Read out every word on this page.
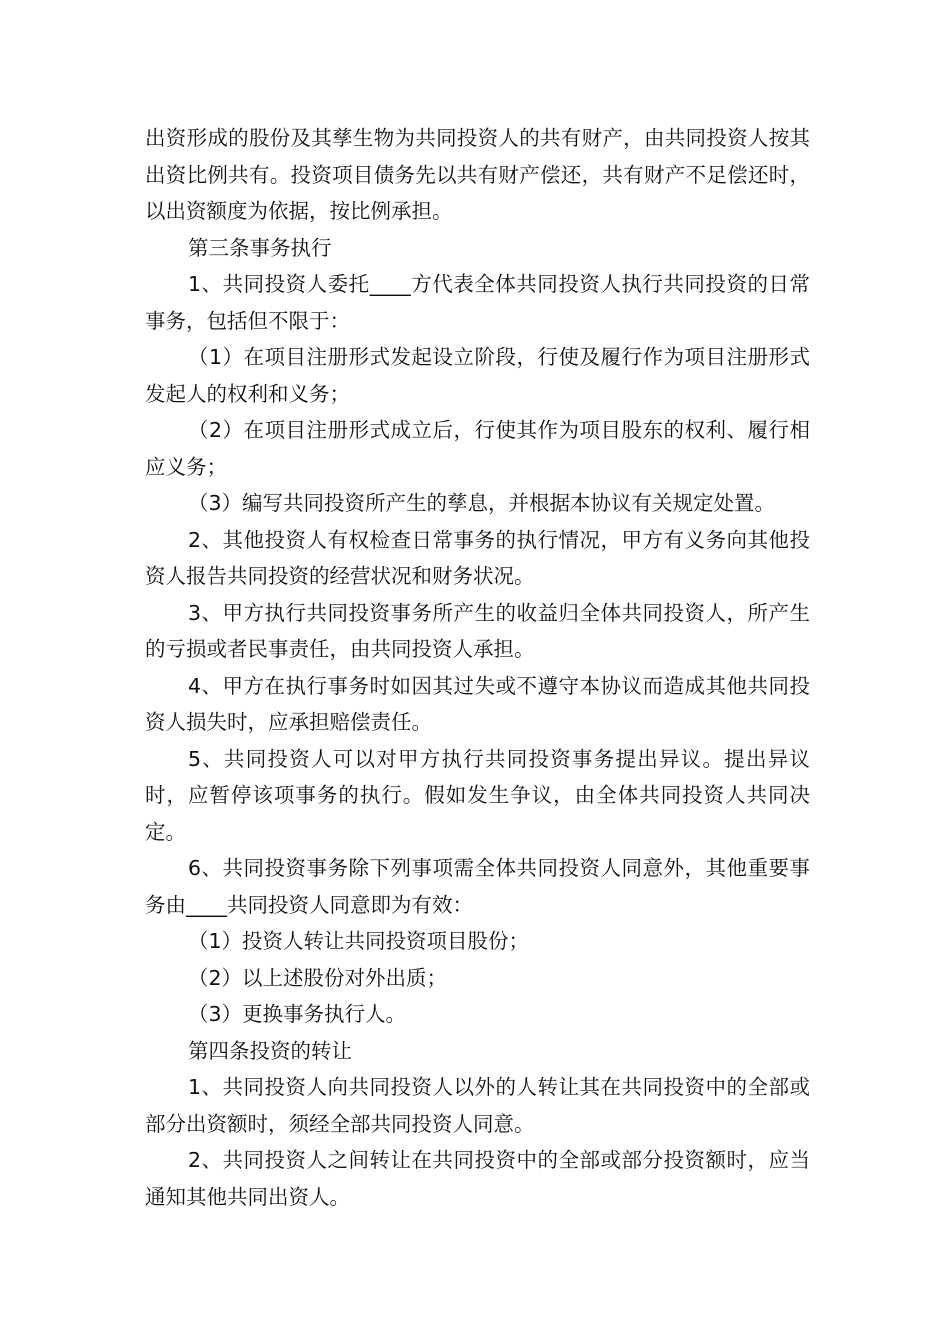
出资形成的股份及其孳生物为共同投资人的共有财产，由共同投资人按其出资比例共有。投资项目债务先以共有财产偿还，共有财产不足偿还时，以出资额度为依据，按比例承担。

第三条事务执行

1、共同投资人委托____方代表全体共同投资人执行共同投资的日常事务，包括但不限于：

（1）在项目注册形式发起设立阶段，行使及履行作为项目注册形式发起人的权利和义务；

（2）在项目注册形式成立后，行使其作为项目股东的权利、履行相应义务；

（3）编写共同投资所产生的孳息，并根据本协议有关规定处置。

2、其他投资人有权检查日常事务的执行情况，甲方有义务向其他投资人报告共同投资的经营状况和财务状况。

3、甲方执行共同投资事务所产生的收益归全体共同投资人，所产生的亏损或者民事责任，由共同投资人承担。

4、甲方在执行事务时如因其过失或不遵守本协议而造成其他共同投资人损失时，应承担赔偿责任。

5、共同投资人可以对甲方执行共同投资事务提出异议。提出异议时，应暂停该项事务的执行。假如发生争议，由全体共同投资人共同决定。

6、共同投资事务除下列事项需全体共同投资人同意外，其他重要事务由____共同投资人同意即为有效：

（1）投资人转让共同投资项目股份；

（2）以上述股份对外出质；

（3）更换事务执行人。

第四条投资的转让

1、共同投资人向共同投资人以外的人转让其在共同投资中的全部或部分出资额时，须经全部共同投资人同意。

2、共同投资人之间转让在共同投资中的全部或部分投资额时，应当通知其他共同出资人。
